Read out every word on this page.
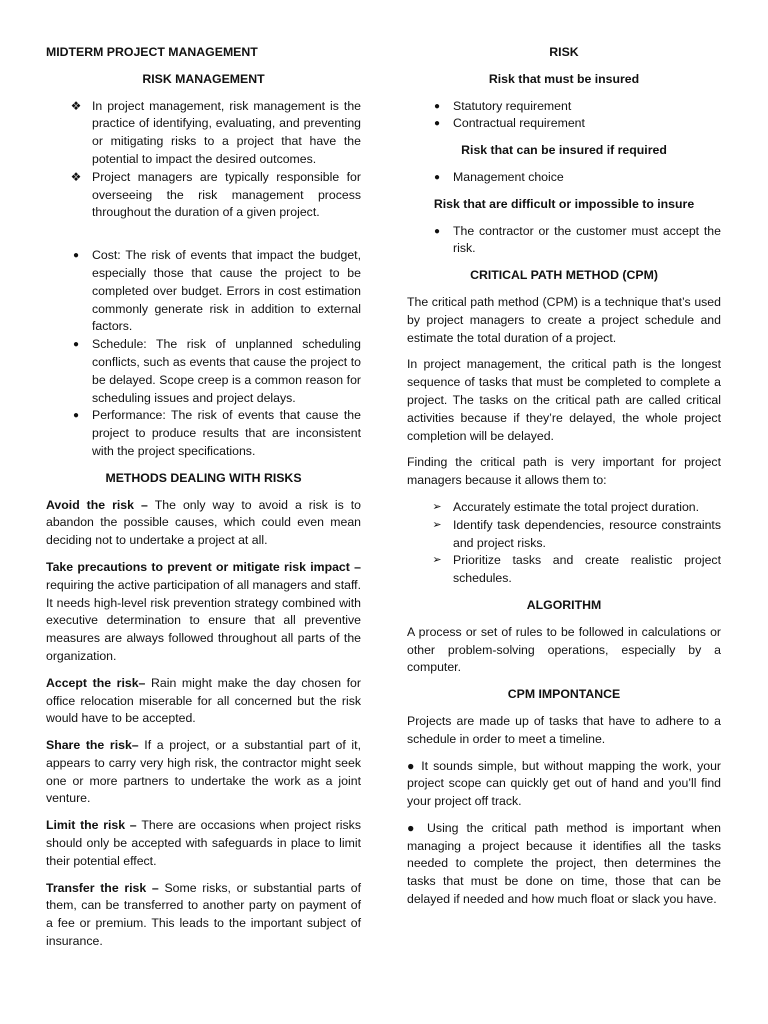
MIDTERM PROJECT MANAGEMENT

RISK MANAGEMENT

❖ In project management, risk management is the practice of identifying, evaluating, and preventing or mitigating risks to a project that have the potential to impact the desired outcomes.
❖ Project managers are typically responsible for overseeing the risk management process throughout the duration of a given project.
●	Cost: The risk of events that impact the budget, especially those that cause the project to be completed over budget. Errors in cost estimation commonly generate risk in addition to external factors.
●	Schedule: The risk of unplanned scheduling conflicts, such as events that cause the project to be delayed. Scope creep is a common reason for scheduling issues and project delays.
●	Performance: The risk of events that cause the project to produce results that are inconsistent with the project specifications.

METHODS DEALING WITH RISKS

Avoid the risk – The only way to avoid a risk is to abandon the possible causes, which could even mean deciding not to undertake a project at all.

Take precautions to prevent or mitigate risk impact – requiring the active participation of all managers and staff. It needs high-level risk prevention strategy combined with executive determination to ensure that all preventive measures are always followed throughout all parts of the organization.

Accept the risk– Rain might make the day chosen for office relocation miserable for all concerned but the risk would have to be accepted.

Share the risk– If a project, or a substantial part of it, appears to carry very high risk, the contractor might seek one or more partners to undertake the work as a joint venture.

Limit the risk – There are occasions when project risks should only be accepted with safeguards in place to limit their potential effect.

Transfer the risk – Some risks, or substantial parts of them, can be transferred to another party on payment of a fee or premium. This leads to the important subject of insurance.

RISK

Risk that must be insured

●	Statutory requirement
●	Contractual requirement

Risk that can be insured if required

●	Management choice

Risk that are difficult or impossible to insure

●	The contractor or the customer must accept the risk.

CRITICAL PATH METHOD (CPM)

The critical path method (CPM) is a technique that’s used by project managers to create a project schedule and estimate the total duration of a project.

In project management, the critical path is the longest sequence of tasks that must be completed to complete a project. The tasks on the critical path are called critical activities because if they’re delayed, the whole project completion will be delayed.

Finding the critical path is very important for project managers because it allows them to:

➢ Accurately estimate the total project duration.
➢ Identify task dependencies, resource constraints and project risks.
➢ Prioritize tasks and create realistic project schedules.

ALGORITHM

A process or set of rules to be followed in calculations or other problem-solving operations, especially by a computer.

CPM IMPONTANCE

Projects are made up of tasks that have to adhere to a schedule in order to meet a timeline.

● It sounds simple, but without mapping the work, your project scope can quickly get out of hand and you’ll find your project off track.

● Using the critical path method is important when managing a project because it identifies all the tasks needed to complete the project, then determines the tasks that must be done on time, those that can be delayed if needed and how much float or slack you have.
